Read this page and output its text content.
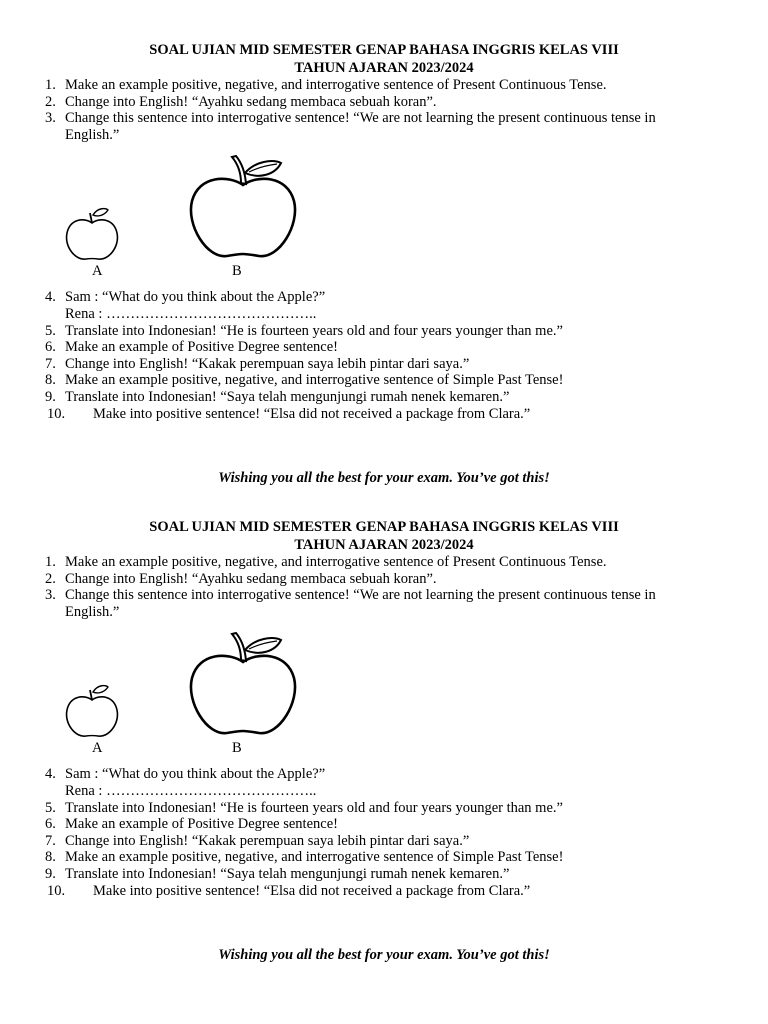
SOAL UJIAN MID SEMESTER GENAP BAHASA INGGRIS KELAS VIII
TAHUN AJARAN 2023/2024
1. Make an example positive, negative, and interrogative sentence of Present Continuous Tense.
2. Change into English! “Ayahku sedang membaca sebuah koran”.
3. Change this sentence into interrogative sentence! “We are not learning the present continuous tense in English.”
A	B
4. Sam : “What do you think about the Apple?”
Rena : ……………………………………..
5. Translate into Indonesian! “He is fourteen years old and four years younger than me.”
6. Make an example of Positive Degree sentence!
7. Change into English! “Kakak perempuan saya lebih pintar dari saya.”
8. Make an example positive, negative, and interrogative sentence of Simple Past Tense!
9. Translate into Indonesian! “Saya telah mengunjungi rumah nenek kemaren.”
10. Make into positive sentence! “Elsa did not received a package from Clara.”
Wishing you all the best for your exam. You’ve got this!
SOAL UJIAN MID SEMESTER GENAP BAHASA INGGRIS KELAS VIII
TAHUN AJARAN 2023/2024
1. Make an example positive, negative, and interrogative sentence of Present Continuous Tense.
2. Change into English! “Ayahku sedang membaca sebuah koran”.
3. Change this sentence into interrogative sentence! “We are not learning the present continuous tense in English.”
A	B
4. Sam : “What do you think about the Apple?”
Rena : ……………………………………..
5. Translate into Indonesian! “He is fourteen years old and four years younger than me.”
6. Make an example of Positive Degree sentence!
7. Change into English! “Kakak perempuan saya lebih pintar dari saya.”
8. Make an example positive, negative, and interrogative sentence of Simple Past Tense!
9. Translate into Indonesian! “Saya telah mengunjungi rumah nenek kemaren.”
10. Make into positive sentence! “Elsa did not received a package from Clara.”
Wishing you all the best for your exam. You’ve got this!
